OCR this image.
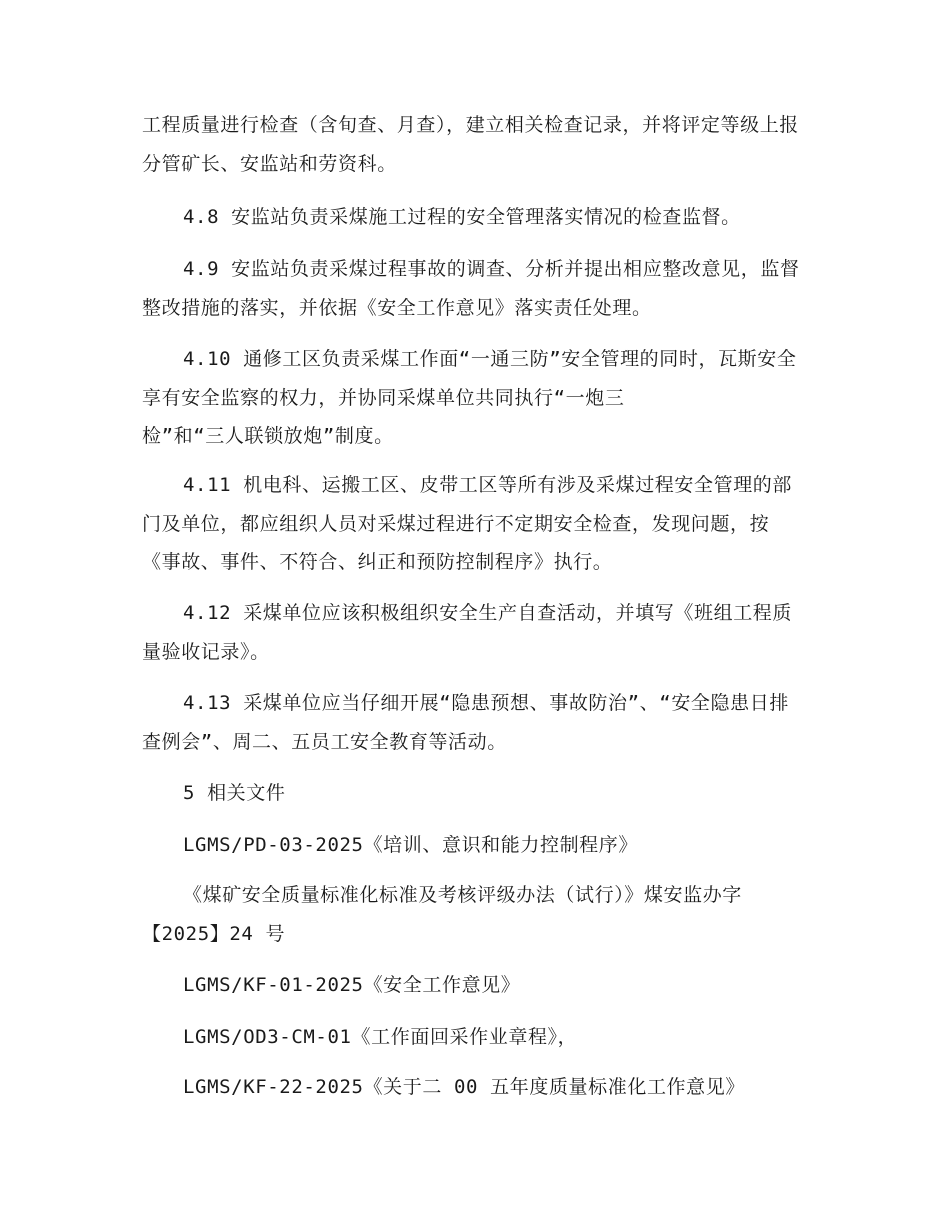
工程质量进行检查（含旬查、月查），建立相关检查记录，并将评定等级上报分管矿长、安监站和劳资科。

4.8 安监站负责采煤施工过程的安全管理落实情况的检查监督。

4.9 安监站负责采煤过程事故的调查、分析并提出相应整改意见，监督整改措施的落实，并依据《安全工作意见》落实责任处理。

4.10 通修工区负责采煤工作面“一通三防”安全管理的同时，瓦斯安全享有安全监察的权力，并协同采煤单位共同执行“一炮三
检”和“三人联锁放炮”制度。

4.11 机电科、运搬工区、皮带工区等所有涉及采煤过程安全管理的部门及单位，都应组织人员对采煤过程进行不定期安全检查，发现问题，按《事故、事件、不符合、纠正和预防控制程序》执行。

4.12 采煤单位应该积极组织安全生产自查活动，并填写《班组工程质量验收记录》。

4.13 采煤单位应当仔细开展“隐患预想、事故防治”、“安全隐患日排查例会”、周二、五员工安全教育等活动。

5 相关文件

LGMS/PD-03-2025《培训、意识和能力控制程序》

《煤矿安全质量标准化标准及考核评级办法（试行）》煤安监办字【2025】24 号

LGMS/KF-01-2025《安全工作意见》

LGMS/OD3-CM-01《工作面回采作业章程》，

LGMS/KF-22-2025《关于二 00 五年度质量标准化工作意见》
